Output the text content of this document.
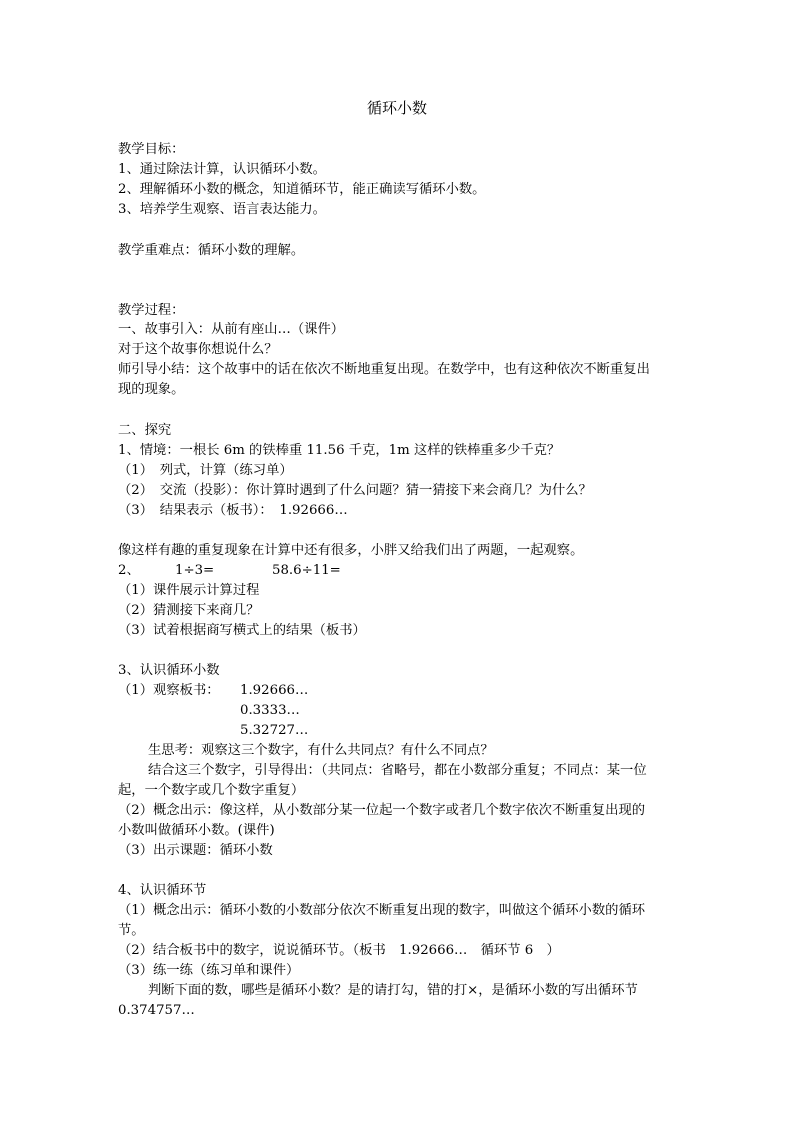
循环小数
教学目标：
1、通过除法计算，认识循环小数。
2、理解循环小数的概念，知道循环节，能正确读写循环小数。
3、培养学生观察、语言表达能力。
教学重难点：循环小数的理解。
教学过程：
一、故事引入：从前有座山…（课件）
对于这个故事你想说什么？
师引导小结：这个故事中的话在依次不断地重复出现。在数学中，也有这种依次不断重复出
现的现象。
二、探究
1、情境：一根长 6m 的铁棒重 11.56 千克，1m 这样的铁棒重多少千克？
（1）　列式，计算（练习单）
（2）　交流（投影）：你计算时遇到了什么问题？猜一猜接下来会商几？为什么？
（3）　结果表示（板书）：　1.92666…
像这样有趣的重复现象在计算中还有很多，小胖又给我们出了两题，一起观察。
2、	1÷3=	58.6÷11=
（1）课件展示计算过程
（2）猜测接下来商几？
（3）试着根据商写横式上的结果（板书）
3、认识循环小数
（1）观察板书：	1.92666…
0.3333…
5.32727…
生思考：观察这三个数字，有什么共同点？有什么不同点？
结合这三个数字，引导得出：（共同点：省略号，都在小数部分重复；不同点：某一位
起，一个数字或几个数字重复）
（2）概念出示：像这样，从小数部分某一位起一个数字或者几个数字依次不断重复出现的
小数叫做循环小数。(课件)
（3）出示课题：循环小数
4、认识循环节
（1）概念出示：循环小数的小数部分依次不断重复出现的数字，叫做这个循环小数的循环
节。
（2）结合板书中的数字，说说循环节。（板书　1.92666…　循环节 6　）
（3）练一练（练习单和课件）
判断下面的数，哪些是循环小数？是的请打勾，错的打×，是循环小数的写出循环节
0.374757…
